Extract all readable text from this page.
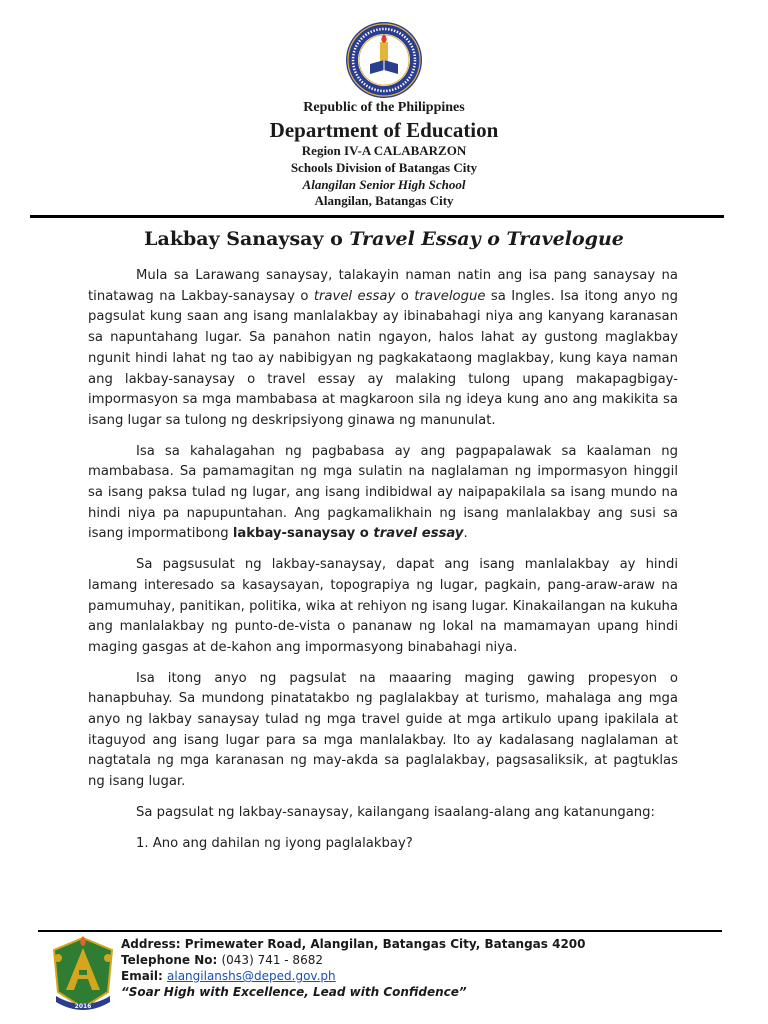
Republic of the Philippines
Department of Education
Region IV-A CALABARZON
Schools Division of Batangas City
Alangilan Senior High School
Alangilan, Batangas City
Lakbay Sanaysay o Travel Essay o Travelogue

Mula sa Larawang sanaysay, talakayin naman natin ang isa pang sanaysay na tinatawag na Lakbay-sanaysay o travel essay o travelogue sa Ingles. Isa itong anyo ng pagsulat kung saan ang isang manlalakbay ay ibinabahagi niya ang kanyang karanasan sa napuntahang lugar. Sa panahon natin ngayon, halos lahat ay gustong maglakbay ngunit hindi lahat ng tao ay nabibigyan ng pagkakataong maglakbay, kung kaya naman ang lakbay-sanaysay o travel essay ay malaking tulong upang makapagbigay-impormasyon sa mga mambabasa at magkaroon sila ng ideya kung ano ang makikita sa isang lugar sa tulong ng deskripsiyong ginawa ng manunulat.

Isa sa kahalagahan ng pagbabasa ay ang pagpapalawak sa kaalaman ng mambabasa. Sa pamamagitan ng mga sulatin na naglalaman ng impormasyon hinggil sa isang paksa tulad ng lugar, ang isang indibidwal ay naipapakilala sa isang mundo na hindi niya pa napupuntahan. Ang pagkamalikhain ng isang manlalakbay ang susi sa isang impormatibong lakbay-sanaysay o travel essay.

Sa pagsusulat ng lakbay-sanaysay, dapat ang isang manlalakbay ay hindi lamang interesado sa kasaysayan, topograpiya ng lugar, pagkain, pang-araw-araw na pamumuhay, panitikan, politika, wika at rehiyon ng isang lugar. Kinakailangan na kukuha ang manlalakbay ng punto-de-vista o pananaw ng lokal na mamamayan upang hindi maging gasgas at de-kahon ang impormasyong binabahagi niya.

Isa itong anyo ng pagsulat na maaaring maging gawing propesyon o hanapbuhay. Sa mundong pinatatakbo ng paglalakbay at turismo, mahalaga ang mga anyo ng lakbay sanaysay tulad ng mga travel guide at mga artikulo upang ipakilala at itaguyod ang isang lugar para sa mga manlalakbay. Ito ay kadalasang naglalaman at nagtatala ng mga karanasan ng may-akda sa paglalakbay, pagsasaliksik, at pagtuklas ng isang lugar.

Sa pagsulat ng lakbay-sanaysay, kailangang isaalang-alang ang katanungang:

1. Ano ang dahilan ng iyong paglalakbay?

2016
Address: Primewater Road, Alangilan, Batangas City, Batangas 4200
Telephone No: (043) 741 - 8682
Email: alangilanshs@deped.gov.ph
“Soar High with Excellence, Lead with Confidence”
